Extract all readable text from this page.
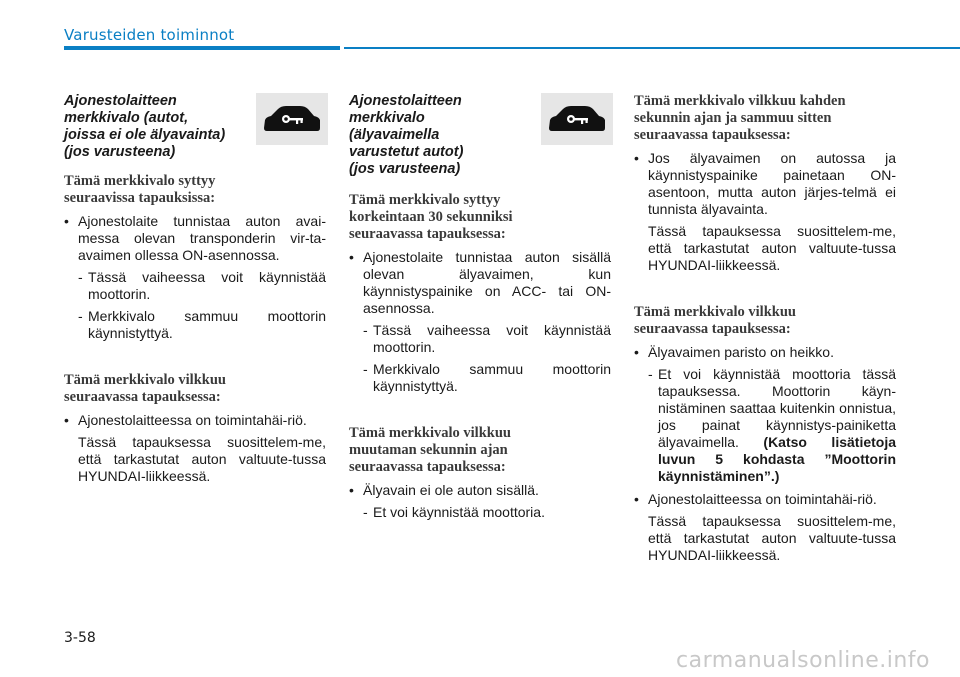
Varusteiden toiminnot
Ajonestolaitteen
merkkivalo (autot,
joissa ei ole älyavainta)
(jos varusteena)
Tämä merkkivalo syttyy
seuraavissa tapauksissa:
• Ajonestolaite tunnistaa auton avai-messa olevan transponderin vir-ta-avaimen ollessa ON-asennossa.
- Tässä vaiheessa voit käynnistää moottorin.
- Merkkivalo sammuu moottorin käynnistyttyä.
Tämä merkkivalo vilkkuu
seuraavassa tapauksessa:
• Ajonestolaitteessa on toimintahäi-riö.
Tässä tapauksessa suosittelem-me, että tarkastutat auton valtuute-tussa HYUNDAI-liikkeessä.
Ajonestolaitteen
merkkivalo
(älyavaimella
varustetut autot)
(jos varusteena)
Tämä merkkivalo syttyy
korkeintaan 30 sekunniksi
seuraavassa tapauksessa:
• Ajonestolaite tunnistaa auton sisällä olevan älyavaimen, kun käynnistyspainike on ACC- tai ON-asennossa.
- Tässä vaiheessa voit käynnistää moottorin.
- Merkkivalo sammuu moottorin käynnistyttyä.
Tämä merkkivalo vilkkuu
muutaman sekunnin ajan
seuraavassa tapauksessa:
• Älyavain ei ole auton sisällä.
- Et voi käynnistää moottoria.
Tämä merkkivalo vilkkuu kahden
sekunnin ajan ja sammuu sitten
seuraavassa tapauksessa:
• Jos älyavaimen on autossa ja käynnistyspainike painetaan ON-asentoon, mutta auton järjes-telmä ei tunnista älyavainta.
Tässä tapauksessa suosittelem-me, että tarkastutat auton valtuute-tussa HYUNDAI-liikkeessä.
Tämä merkkivalo vilkkuu
seuraavassa tapauksessa:
• Älyavaimen paristo on heikko.
- Et voi käynnistää moottoria tässä tapauksessa. Moottorin käyn-nistäminen saattaa kuitenkin onnistua, jos painat käynnistys-painiketta älyavaimella. (Katso lisätietoja luvun 5 kohdasta ”Moottorin käynnistäminen”.)
• Ajonestolaitteessa on toimintahäi-riö.
Tässä tapauksessa suosittelem-me, että tarkastutat auton valtuute-tussa HYUNDAI-liikkeessä.
3-58
carmanualsonline.info
